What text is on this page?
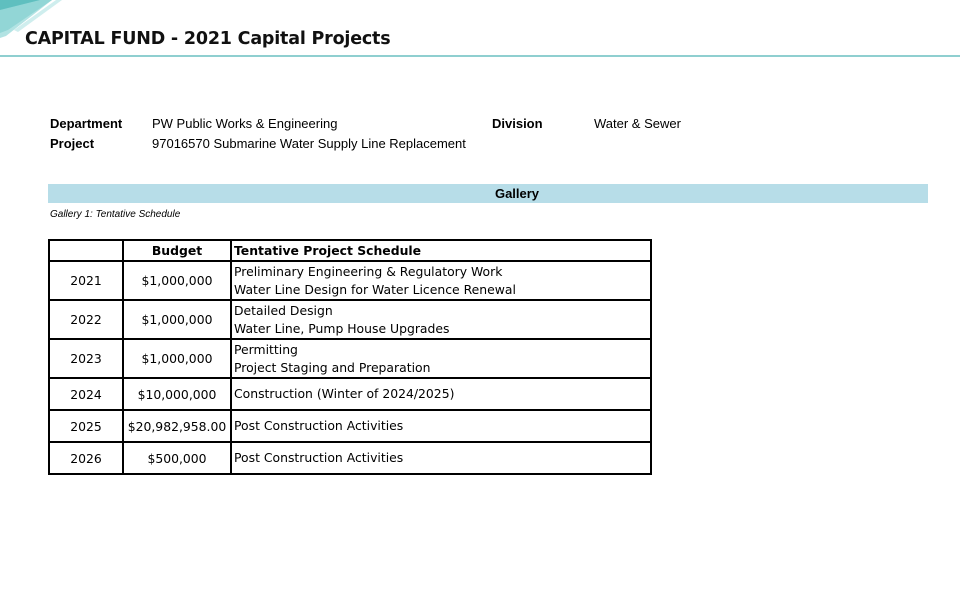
CAPITAL FUND - 2021 Capital Projects
Department PW Public Works & Engineering	Division	Water & Sewer
Project	97016570 Submarine Water Supply Line Replacement
Gallery
Gallery 1: Tentative Schedule
	Budget	Tentative Project Schedule
2021	$1,000,000	Preliminary Engineering & Regulatory Work
Water Line Design for Water Licence Renewal

2022	$1,000,000	Detailed Design
Water Line, Pump House Upgrades

2023	$1,000,000	Permitting
Project Staging and Preparation

2024	$10,000,000	Construction (Winter of 2024/2025)

2025	$20,982,958.00	Post Construction Activities

2026	$500,000	Post Construction Activities
